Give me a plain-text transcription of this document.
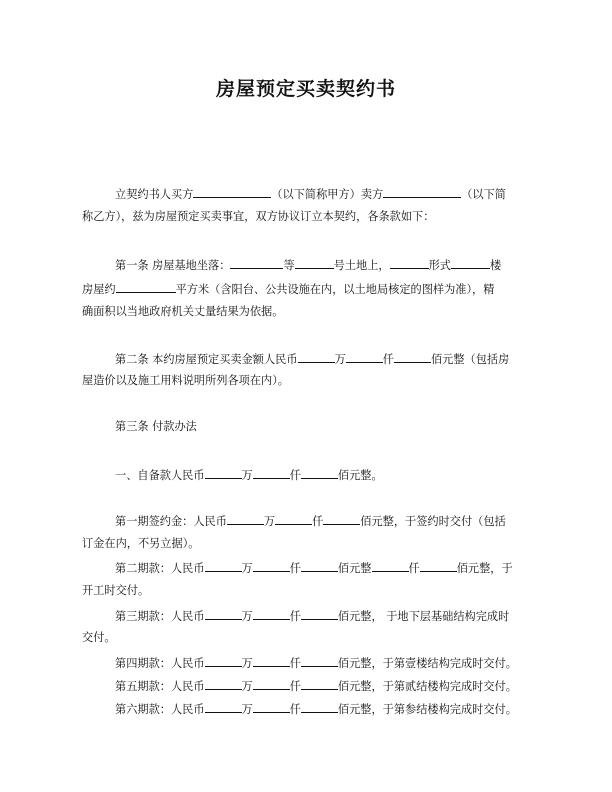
房屋预定买卖契约书
立契约书人买方	（以下简称甲方）卖方	（以下简
称乙方），兹为房屋预定买卖事宜，双方协议订立本契约，各条款如下：
第一条 房屋基地坐落：	等	号土地上，	形式	楼
房屋约	平方米（含阳台、公共设施在内，以土地局核定的图样为准），精
确面积以当地政府机关丈量结果为依据。
第二条 本约房屋预定买卖金额人民币	万	仟	佰元整（包括房
屋造价以及施工用料说明所列各项在内）。
第三条 付款办法
一、自备款人民币	万	仟	佰元整。
第一期签约金：人民币	万	仟	佰元整，于签约时交付（包括
订金在内，不另立据）。
第二期款：人民币	万	仟	佰元整	仟	佰元整，于
开工时交付。
第三期款：人民币	万	仟	佰元整， 于地下层基础结构完成时
交付。
第四期款：人民币	万	仟	佰元整，于第壹楼结构完成时交付。
第五期款：人民币	万	仟	佰元整，于第贰结楼构完成时交付。
第六期款：人民币	万	仟	佰元整，于第参结楼构完成时交付。
